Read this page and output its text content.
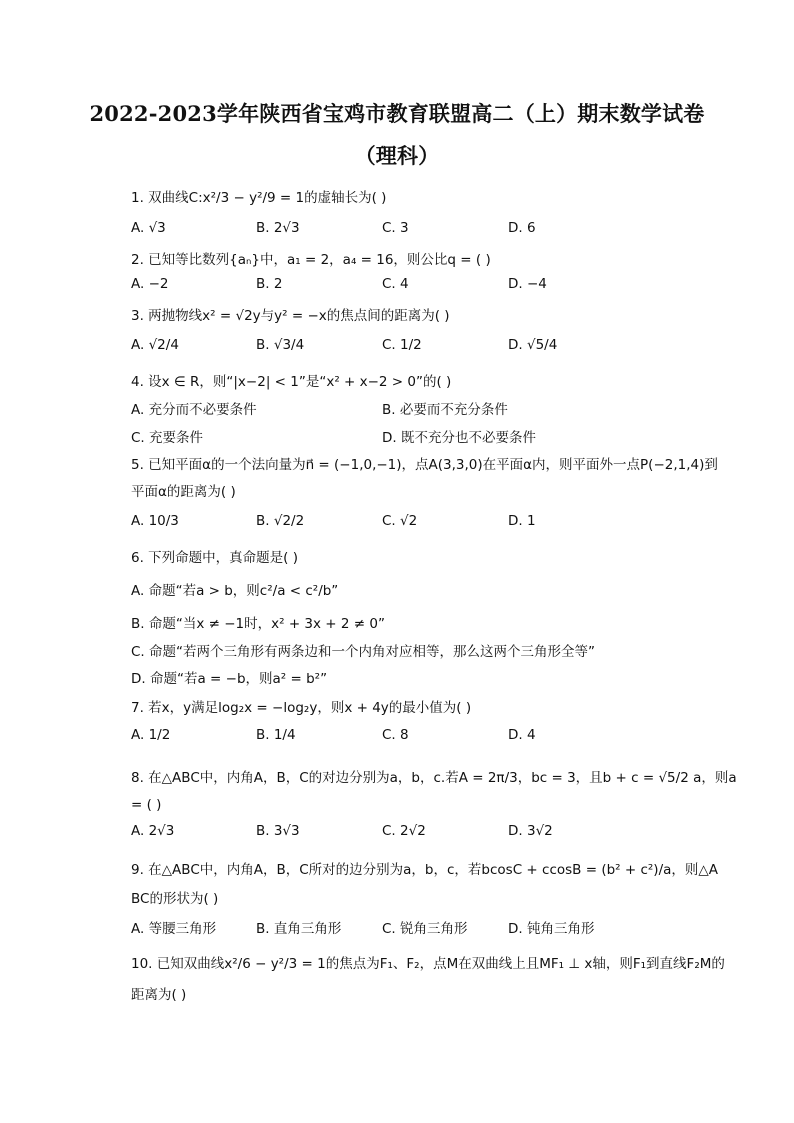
2022-2023学年陕西省宝鸡市教育联盟高二（上）期末数学试卷
（理科）
1. 双曲线C:x²/3 − y²/9 = 1的虚轴长为( )
A. √3	B. 2√3	C. 3	D. 6
2. 已知等比数列{aₙ}中，a₁ = 2，a₄ = 16，则公比q = ( )
A. −2	B. 2	C. 4	D. −4
3. 两抛物线x² = √2y与y² = −x的焦点间的距离为( )
A. √2/4	B. √3/4	C. 1/2	D. √5/4
4. 设x ∈ R，则“|x−2| < 1”是“x² + x−2 > 0”的( )
A. 充分而不必要条件	B. 必要而不充分条件
C. 充要条件	D. 既不充分也不必要条件
5. 已知平面α的一个法向量为n⃗ = (−1,0,−1)，点A(3,3,0)在平面α内，则平面外一点P(−2,1,4)到
平面α的距离为( )
A. 10/3	B. √2/2	C. √2	D. 1
6. 下列命题中，真命题是( )
A. 命题“若a > b，则c²/a < c²/b”
B. 命题“当x ≠ −1时，x² + 3x + 2 ≠ 0”
C. 命题“若两个三角形有两条边和一个内角对应相等，那么这两个三角形全等”
D. 命题“若a = −b，则a² = b²”
7. 若x，y满足log₂x = −log₂y，则x + 4y的最小值为( )
A. 1/2	B. 1/4	C. 8	D. 4
8. 在△ABC中，内角A，B，C的对边分别为a，b，c.若A = 2π/3，bc = 3，且b + c = √5/2 a，则a
= ( )
A. 2√3	B. 3√3	C. 2√2	D. 3√2
9. 在△ABC中，内角A，B，C所对的边分别为a，b，c，若bcosC + ccosB = (b² + c²)/a，则△A
BC的形状为( )
A. 等腰三角形	B. 直角三角形	C. 锐角三角形	D. 钝角三角形
10. 已知双曲线x²/6 − y²/3 = 1的焦点为F₁、F₂，点M在双曲线上且MF₁ ⊥ x轴，则F₁到直线F₂M的
距离为( )
